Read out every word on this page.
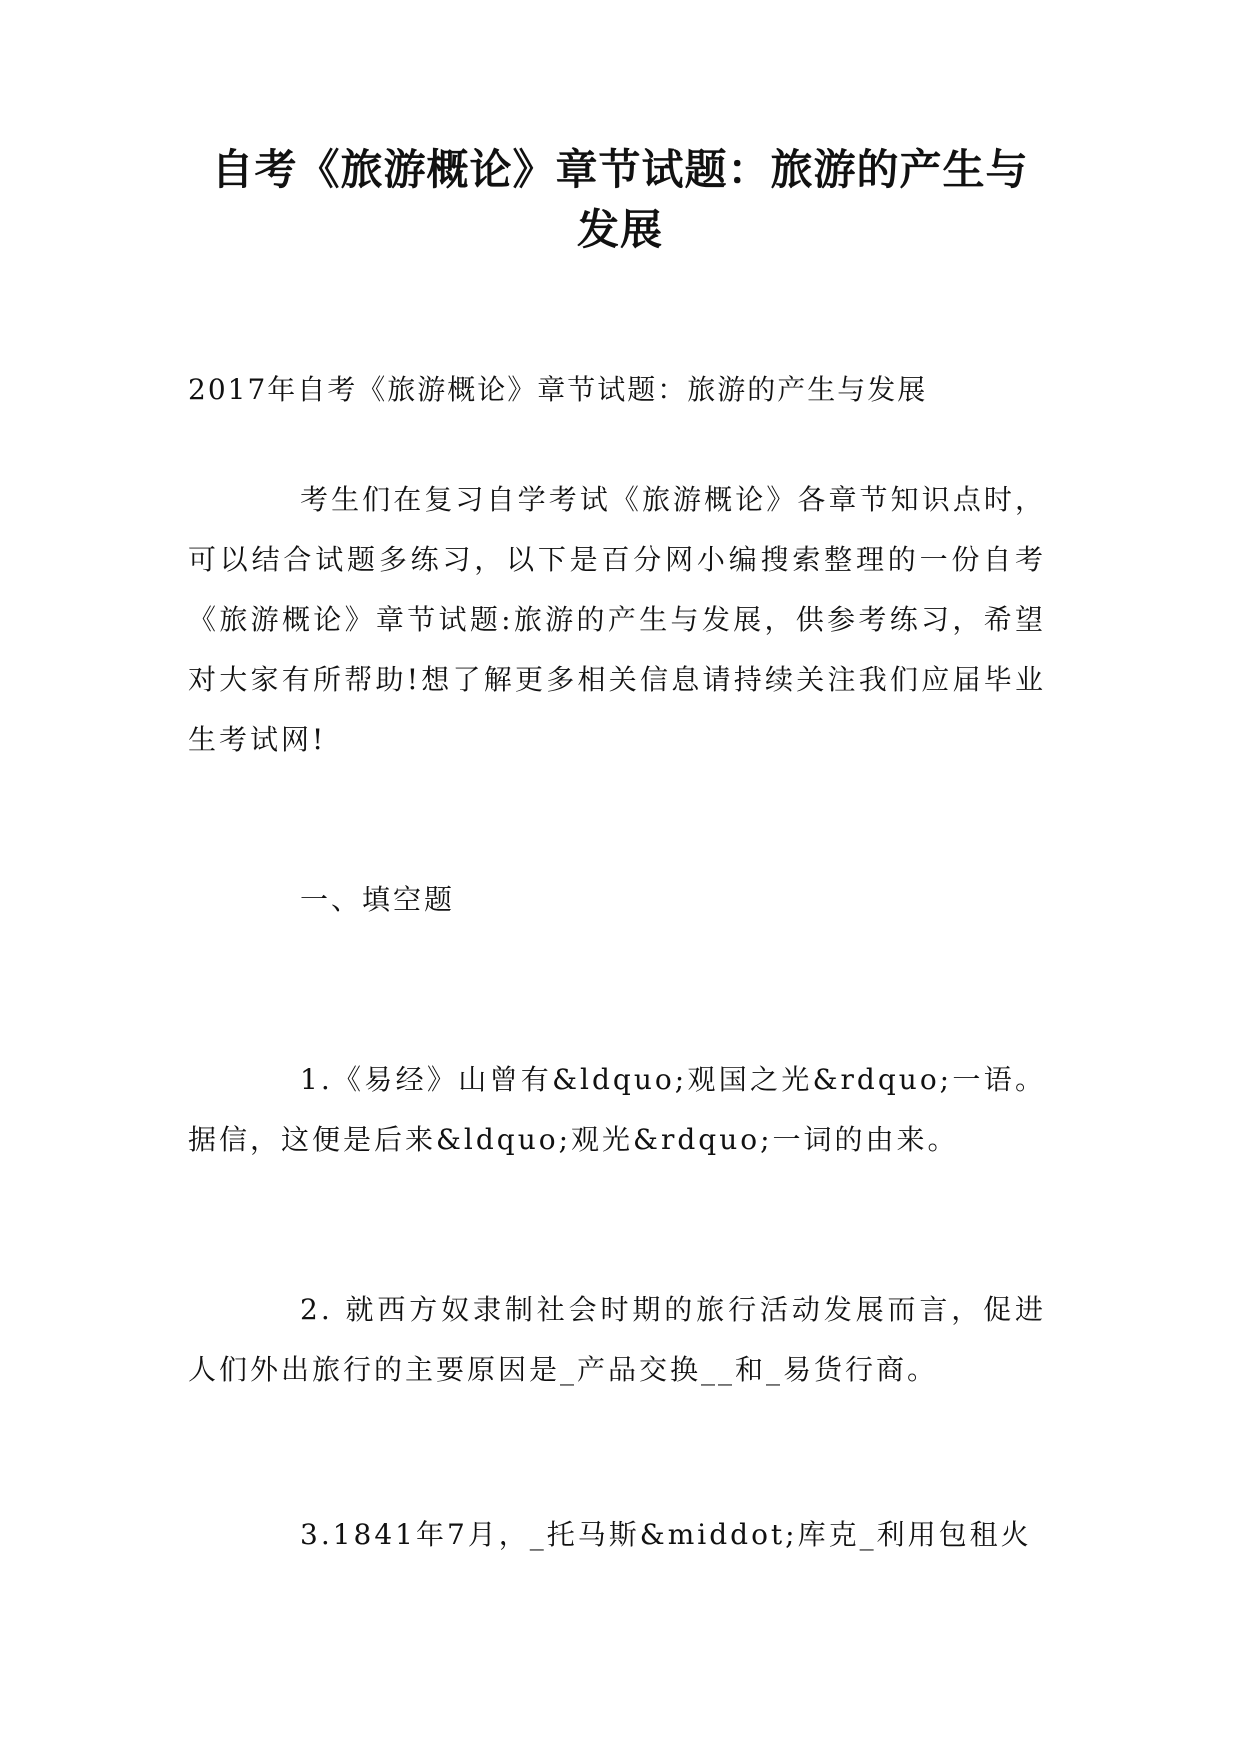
自考《旅游概论》章节试题：旅游的产生与
发展

2017年自考《旅游概论》章节试题：旅游的产生与发展

考生们在复习自学考试《旅游概论》各章节知识点时，可以结合试题多练习，以下是百分网小编搜索整理的一份自考《旅游概论》章节试题:旅游的产生与发展，供参考练习，希望对大家有所帮助!想了解更多相关信息请持续关注我们应届毕业生考试网!

一、填空题

1.《易经》山曾有&ldquo;观国之光&rdquo;一语。据信，这便是后来&ldquo;观光&rdquo;一词的由来。

2. 就西方奴隶制社会时期的旅行活动发展而言，促进人们外出旅行的主要原因是_产品交换__和_易货行商。

3.1841年7月，_托马斯&middot;库克_利用包租火
